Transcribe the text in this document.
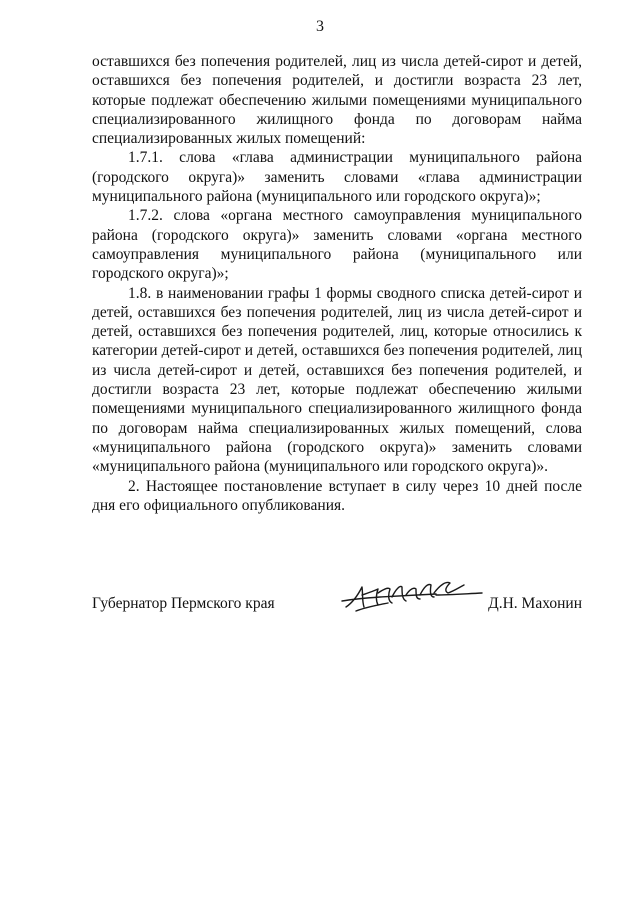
3

оставшихся без попечения родителей, лиц из числа детей-сирот и детей, оставшихся без попечения родителей, и достигли возраста 23 лет, которые подлежат обеспечению жилыми помещениями муниципального специализированного жилищного фонда по договорам найма специализированных жилых помещений:

1.7.1. слова «глава администрации муниципального района (городского округа)» заменить словами «глава администрации муниципального района (муниципального или городского округа)»;

1.7.2. слова «органа местного самоуправления муниципального района (городского округа)» заменить словами «органа местного самоуправления муниципального района (муниципального или городского округа)»;

1.8. в наименовании графы 1 формы сводного списка детей-сирот и детей, оставшихся без попечения родителей, лиц из числа детей-сирот и детей, оставшихся без попечения родителей, лиц, которые относились к категории детей-сирот и детей, оставшихся без попечения родителей, лиц из числа детей-сирот и детей, оставшихся без попечения родителей, и достигли возраста 23 лет, которые подлежат обеспечению жилыми помещениями муниципального специализированного жилищного фонда по договорам найма специализированных жилых помещений, слова «муниципального района (городского округа)» заменить словами «муниципального района (муниципального или городского округа)».

2. Настоящее постановление вступает в силу через 10 дней после дня его официального опубликования.

Губернатор Пермского края	Д.Н. Махонин
